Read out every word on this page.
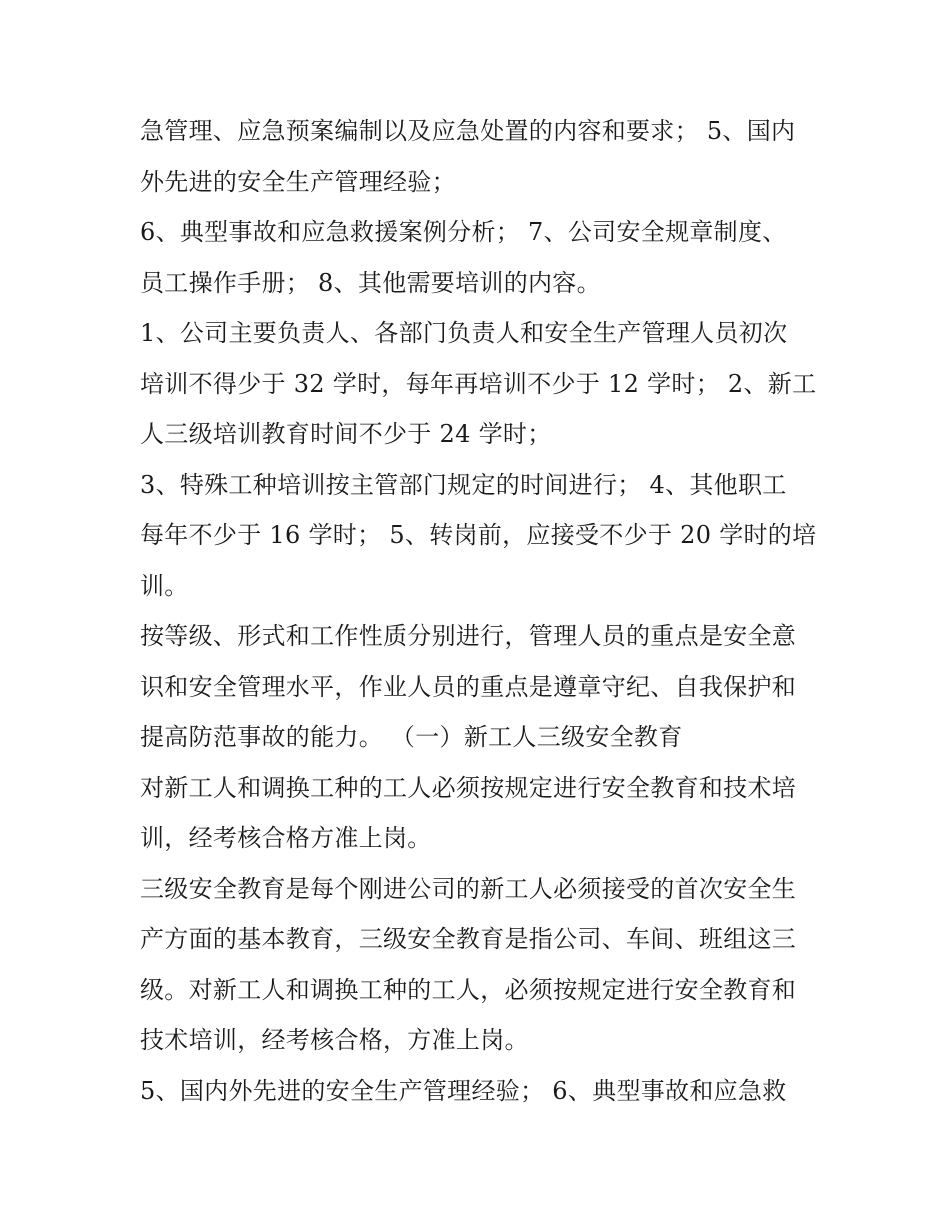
急管理、应急预案编制以及应急处置的内容和要求； 5、国内
外先进的安全生产管理经验；
6、典型事故和应急救援案例分析； 7、公司安全规章制度、
员工操作手册； 8、其他需要培训的内容。
1、公司主要负责人、各部门负责人和安全生产管理人员初次
培训不得少于 32 学时，每年再培训不少于 12 学时； 2、新工
人三级培训教育时间不少于 24 学时；
3、特殊工种培训按主管部门规定的时间进行； 4、其他职工
每年不少于 16 学时； 5、转岗前，应接受不少于 20 学时的培
训。
按等级、形式和工作性质分别进行，管理人员的重点是安全意
识和安全管理水平，作业人员的重点是遵章守纪、自我保护和
提高防范事故的能力。 （一）新工人三级安全教育
对新工人和调换工种的工人必须按规定进行安全教育和技术培
训，经考核合格方准上岗。
三级安全教育是每个刚进公司的新工人必须接受的首次安全生
产方面的基本教育，三级安全教育是指公司、车间、班组这三
级。对新工人和调换工种的工人，必须按规定进行安全教育和
技术培训，经考核合格，方准上岗。
5、国内外先进的安全生产管理经验； 6、典型事故和应急救
